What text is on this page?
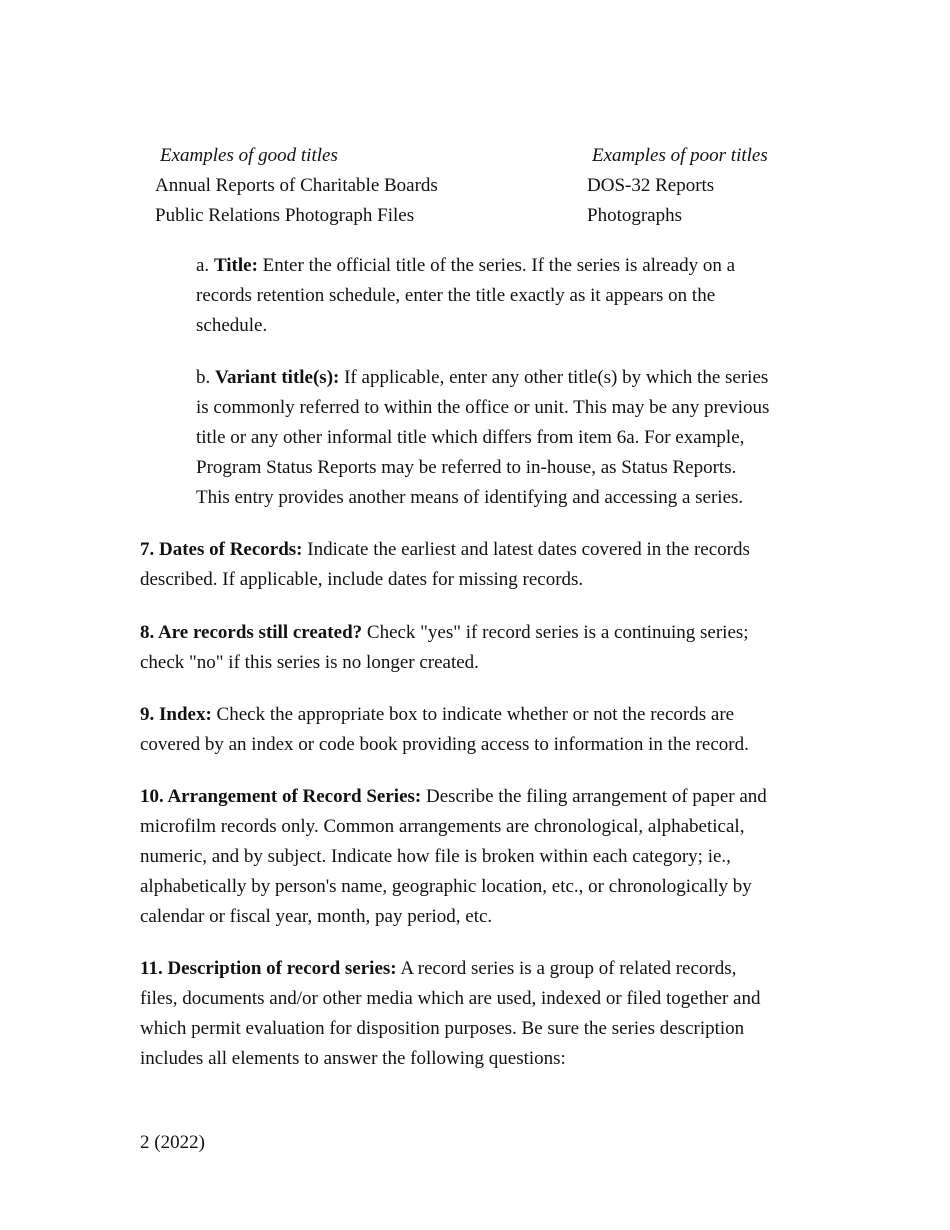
Examples of good titles	Examples of poor titles
Annual Reports of Charitable Boards	DOS-32 Reports
Public Relations Photograph Files	Photographs

a. Title: Enter the official title of the series. If the series is already on a
records retention schedule, enter the title exactly as it appears on the
schedule.

b. Variant title(s): If applicable, enter any other title(s) by which the series
is commonly referred to within the office or unit. This may be any previous
title or any other informal title which differs from item 6a. For example,
Program Status Reports may be referred to in-house, as Status Reports.
This entry provides another means of identifying and accessing a series.

7. Dates of Records: Indicate the earliest and latest dates covered in the records
described. If applicable, include dates for missing records.

8. Are records still created? Check "yes" if record series is a continuing series;
check "no" if this series is no longer created.

9. Index: Check the appropriate box to indicate whether or not the records are
covered by an index or code book providing access to information in the record.

10. Arrangement of Record Series: Describe the filing arrangement of paper and
microfilm records only. Common arrangements are chronological, alphabetical,
numeric, and by subject. Indicate how file is broken within each category; ie.,
alphabetically by person's name, geographic location, etc., or chronologically by
calendar or fiscal year, month, pay period, etc.

11. Description of record series: A record series is a group of related records,
files, documents and/or other media which are used, indexed or filed together and
which permit evaluation for disposition purposes. Be sure the series description
includes all elements to answer the following questions:

2 (2022)
